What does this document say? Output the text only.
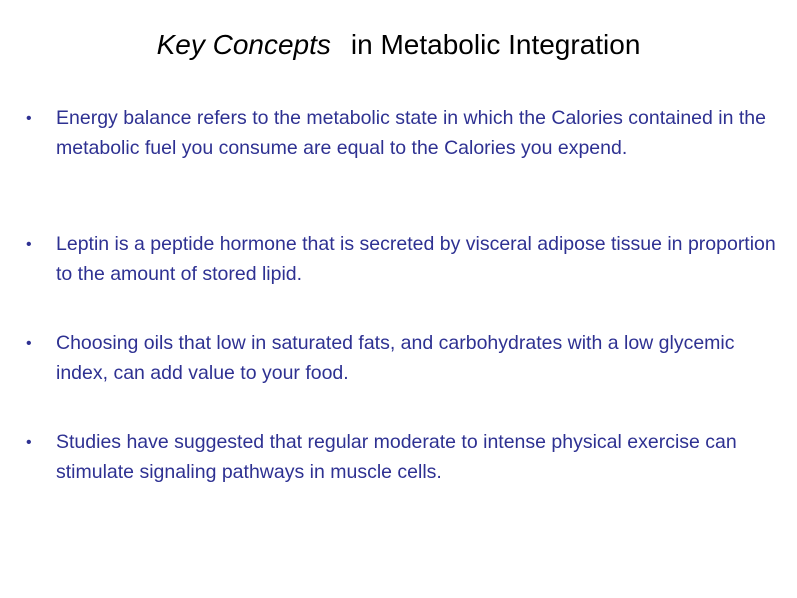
Key Concepts in Metabolic Integration
•	Energy balance refers to the metabolic state in which the Calories contained in the metabolic fuel you consume are equal to the Calories you expend.
•	Leptin is a peptide hormone that is secreted by visceral adipose tissue in proportion to the amount of stored lipid.
•	Choosing oils that low in saturated fats, and carbohydrates with a low glycemic index, can add value to your food.
•	Studies have suggested that regular moderate to intense physical exercise can stimulate signaling pathways in muscle cells.
